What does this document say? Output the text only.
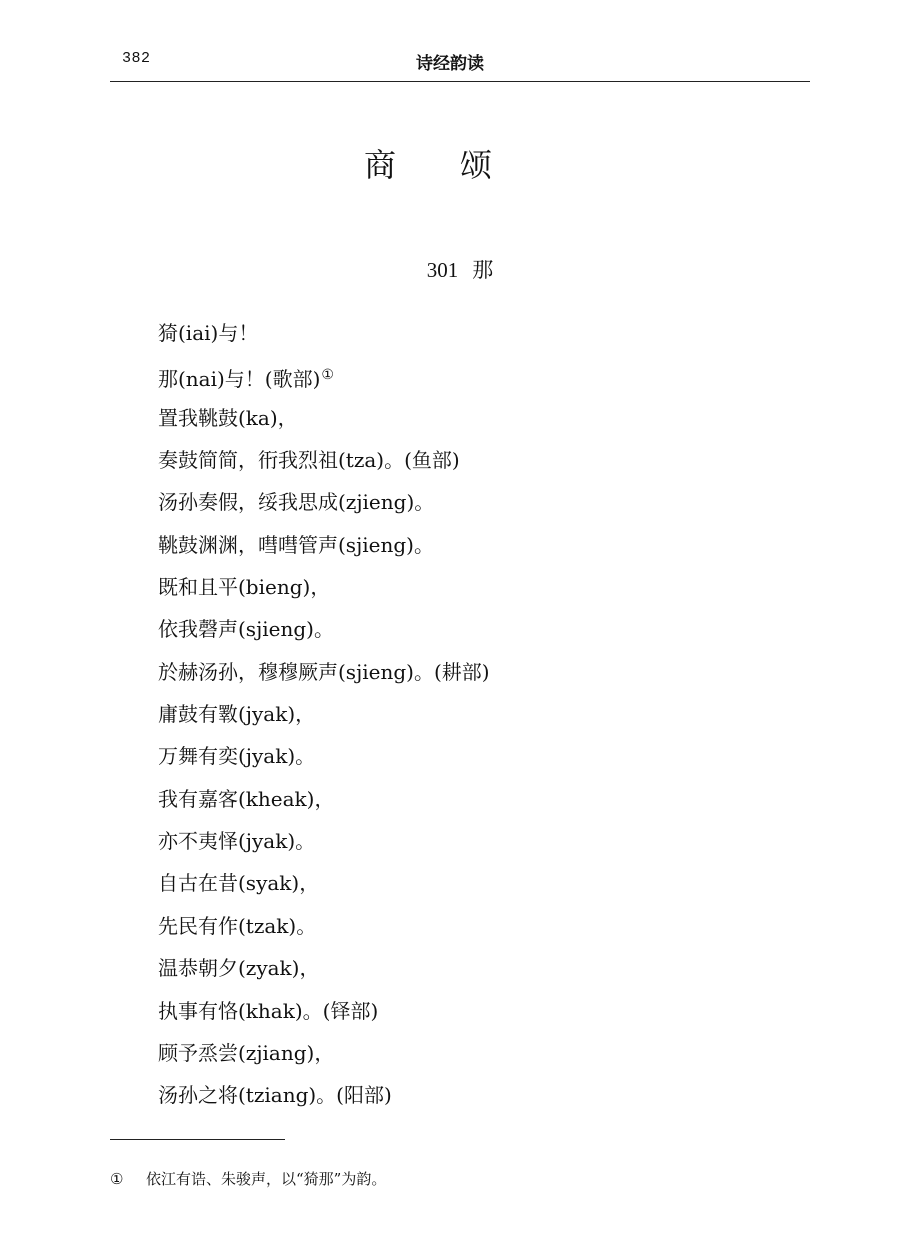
382	诗经韵读
商颂
301 那
猗(iai)与！
那(nai)与！(歌部)①
置我鞉鼓(ka)，
奏鼓简简，衎我烈祖(tza)。(鱼部)
汤孙奏假，绥我思成(zjieng)。
鞉鼓渊渊，嘒嘒管声(sjieng)。
既和且平(bieng)，
依我磬声(sjieng)。
於赫汤孙，穆穆厥声(sjieng)。(耕部)
庸鼓有斁(jyak)，
万舞有奕(jyak)。
我有嘉客(kheak)，
亦不夷怿(jyak)。
自古在昔(syak)，
先民有作(tzak)。
温恭朝夕(zyak)，
执事有恪(khak)。(铎部)
顾予烝尝(zjiang)，
汤孙之将(tziang)。(阳部)
① 依江有诰、朱骏声，以“猗那”为韵。
